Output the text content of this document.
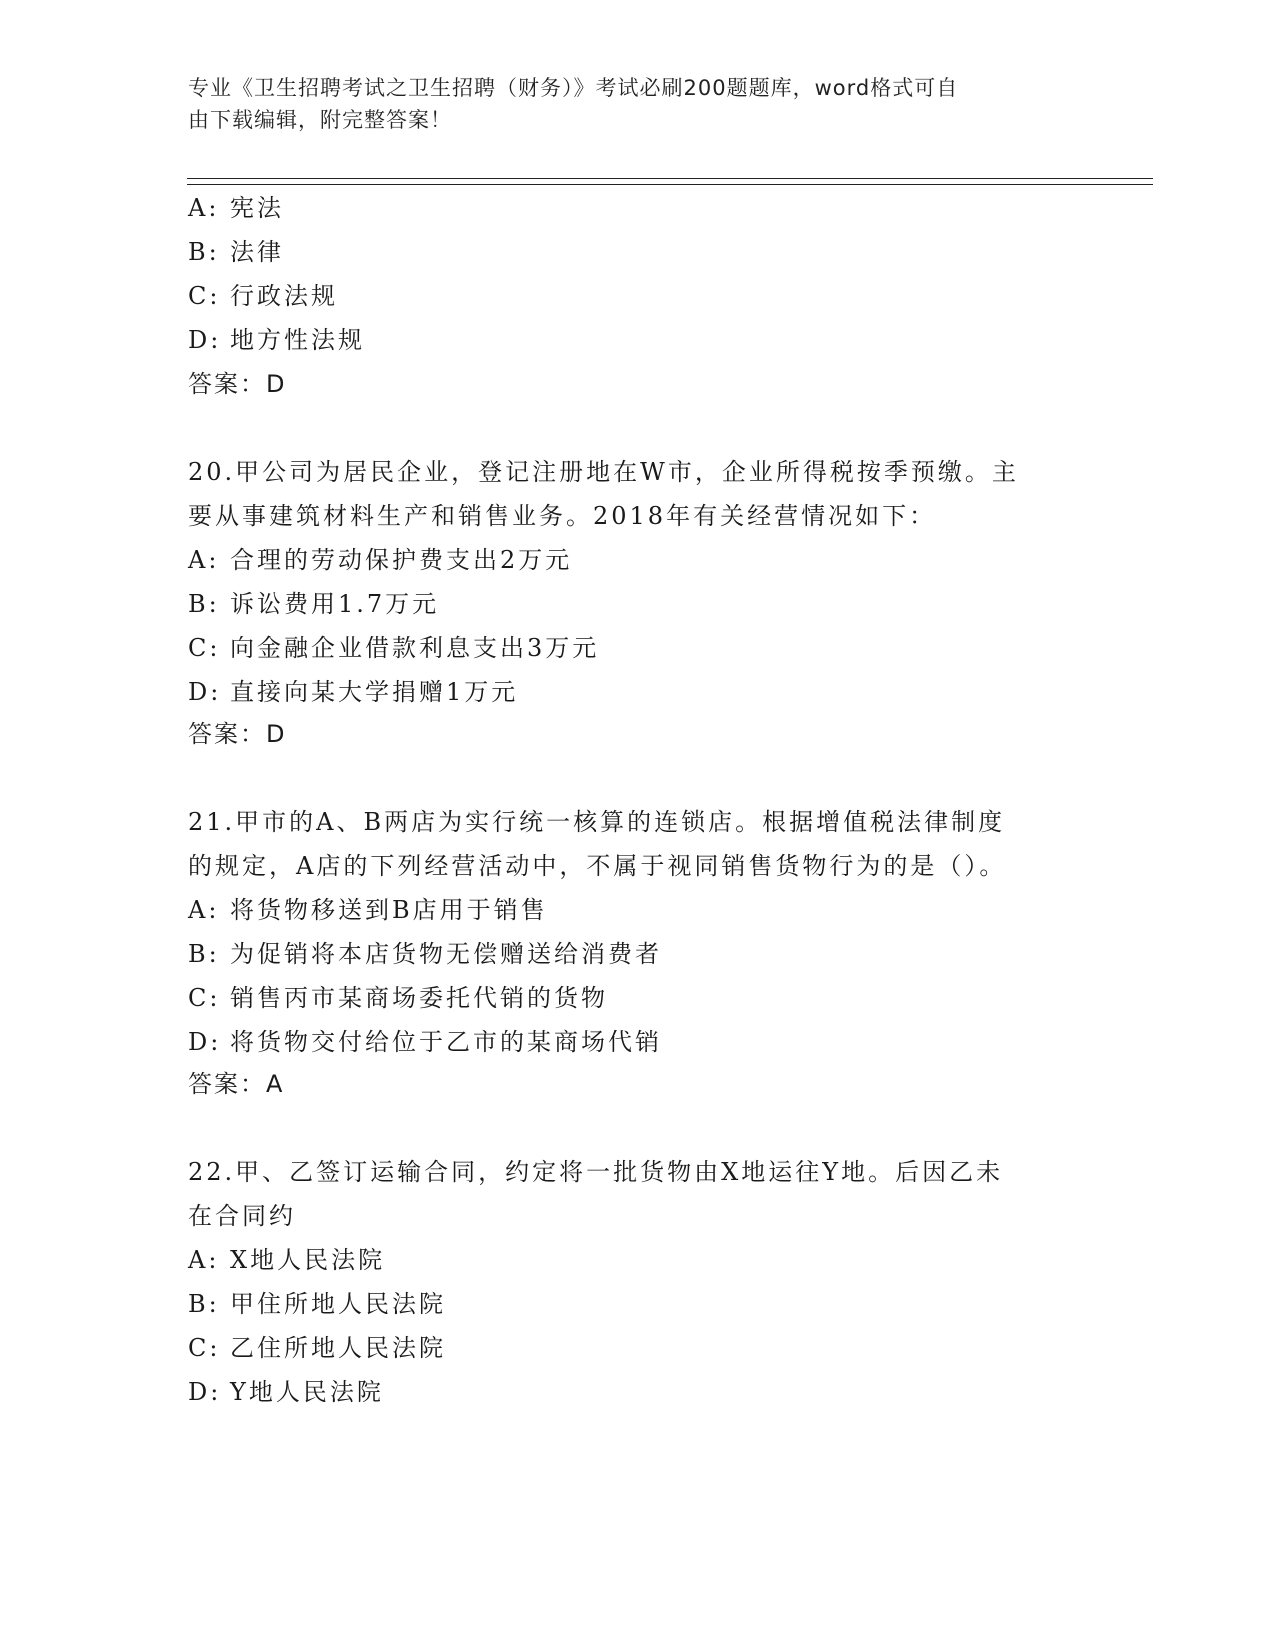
专业《卫生招聘考试之卫生招聘（财务）》考试必刷200题题库，word格式可自
由下载编辑，附完整答案！
A: 宪法
B: 法律
C: 行政法规
D: 地方性法规
答案：D
20.甲公司为居民企业，登记注册地在W市，企业所得税按季预缴。主
要从事建筑材料生产和销售业务。2018年有关经营情况如下：
A: 合理的劳动保护费支出2万元
B: 诉讼费用1.7万元
C: 向金融企业借款利息支出3万元
D: 直接向某大学捐赠1万元
答案：D
21.甲市的A、B两店为实行统一核算的连锁店。根据增值税法律制度
的规定，A店的下列经营活动中，不属于视同销售货物行为的是（）。
A: 将货物移送到B店用于销售
B: 为促销将本店货物无偿赠送给消费者
C: 销售丙市某商场委托代销的货物
D: 将货物交付给位于乙市的某商场代销
答案：A
22.甲、乙签订运输合同，约定将一批货物由X地运往Y地。后因乙未
在合同约
A: X地人民法院
B: 甲住所地人民法院
C: 乙住所地人民法院
D: Y地人民法院
